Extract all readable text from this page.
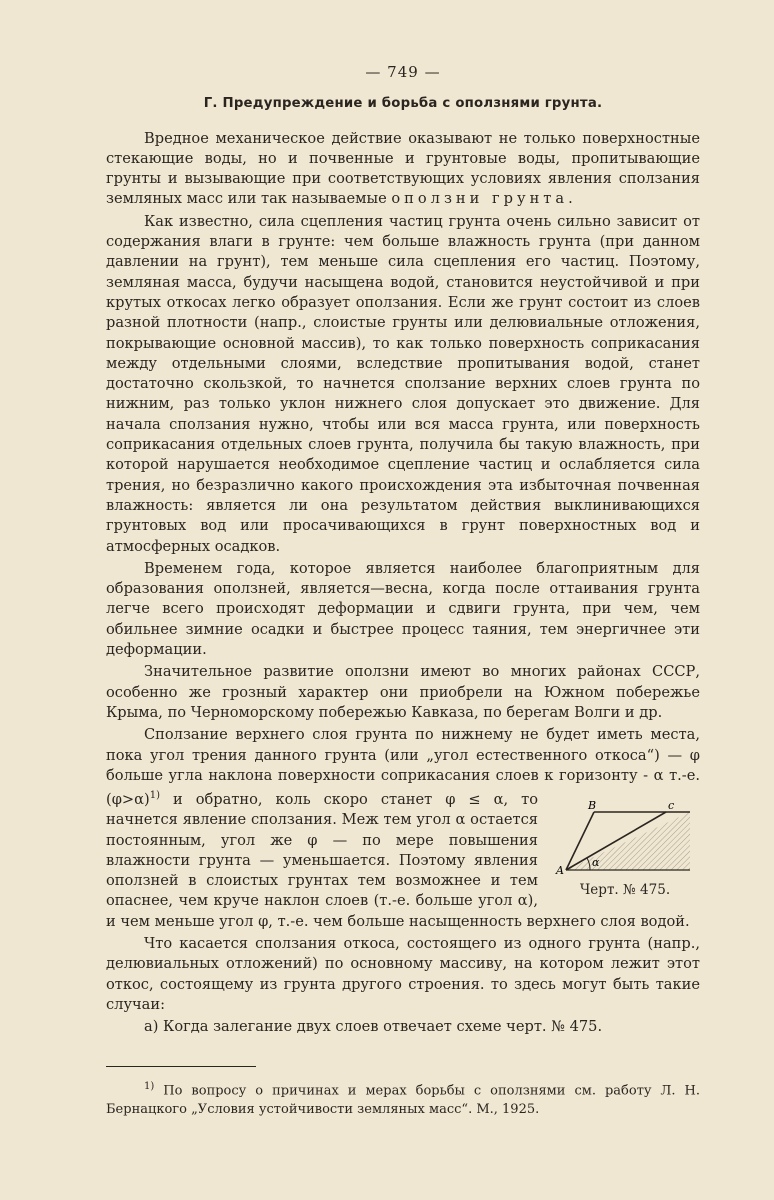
— 749 —
Г. Предупреждение и борьба с оползнями грунта.

Вредное механическое действие оказывают не только поверхностные стекающие воды, но и почвенные и грунтовые воды, пропитывающие грунты и вызывающие при соответствующих условиях явления сползания земляных масс или так называемые оползни грунта.

Как известно, сила сцепления частиц грунта очень сильно зависит от содержания влаги в грунте: чем больше влажность грунта (при данном давлении на грунт), тем меньше сила сцепления его частиц. Поэтому, земляная масса, будучи насыщена водой, становится неустойчивой и при крутых откосах легко образует оползания. Если же грунт состоит из слоев разной плотности (напр., слоистые грунты или делювиальные отложения, покрывающие основной массив), то как только поверхность соприкасания между отдельными слоями, вследствие пропитывания водой, станет достаточно скользкой, то начнется сползание верхних слоев грунта по нижним, раз только уклон нижнего слоя допускает это движение. Для начала сползания нужно, чтобы или вся масса грунта, или поверхность соприкасания отдельных слоев грунта, получила бы такую влажность, при которой нарушается необходимое сцепление частиц и ослабляется сила трения, но безразлично какого происхождения эта избыточная почвенная влажность: является ли она результатом действия выклинивающихся грунтовых вод или просачивающихся в грунт поверхностных вод и атмосферных осадков.

Временем года, которое является наиболее благоприятным для образования оползней, является—весна, когда после оттаивания грунта легче всего происходят деформации и сдвиги грунта, при чем, чем обильнее зимние осадки и быстрее процесс таяния, тем энергичнее эти деформации.

Значительное развитие оползни имеют во многих районах СССР, особенно же грозный характер они приобрели на Южном побережье Крыма, по Черноморскому побережью Кавказа, по берегам Волги и др.

Сползание верхнего слоя грунта по нижнему не будет иметь места, пока угол трения данного грунта (или „угол естественного откоса“) — φ больше угла наклона поверхности соприкасания слоев к горизонту - α т.-е. (φ>α)$^{1)}$
A
B	c
α
Черт. № 475.
и обратно, коль скоро станет φ ≤ α, то начнется явление сползания. Меж тем угол α остается постоянным, угол же φ — по мере повышения влажности грунта — уменьшается. Поэтому явления оползней в слоистых грунтах тем возможнее и тем опаснее, чем круче наклон слоев (т.-е. больше угол α), и чем меньше угол φ, т.-е. чем больше насыщенность верхнего слоя водой.

Что касается сползания откоса, состоящего из одного грунта (напр., делювиальных отложений) по основному массиву, на котором лежит этот откос, состоящему из грунта другого строения. то здесь могут быть такие случаи:

а) Когда залегание двух слоев отвечает схеме черт. № 475.

$^{1)}$ По вопросу о причинах и мерах борьбы с оползнями см. работу Л. Н. Бернацкого „Условия устойчивости земляных масс“. М., 1925.
